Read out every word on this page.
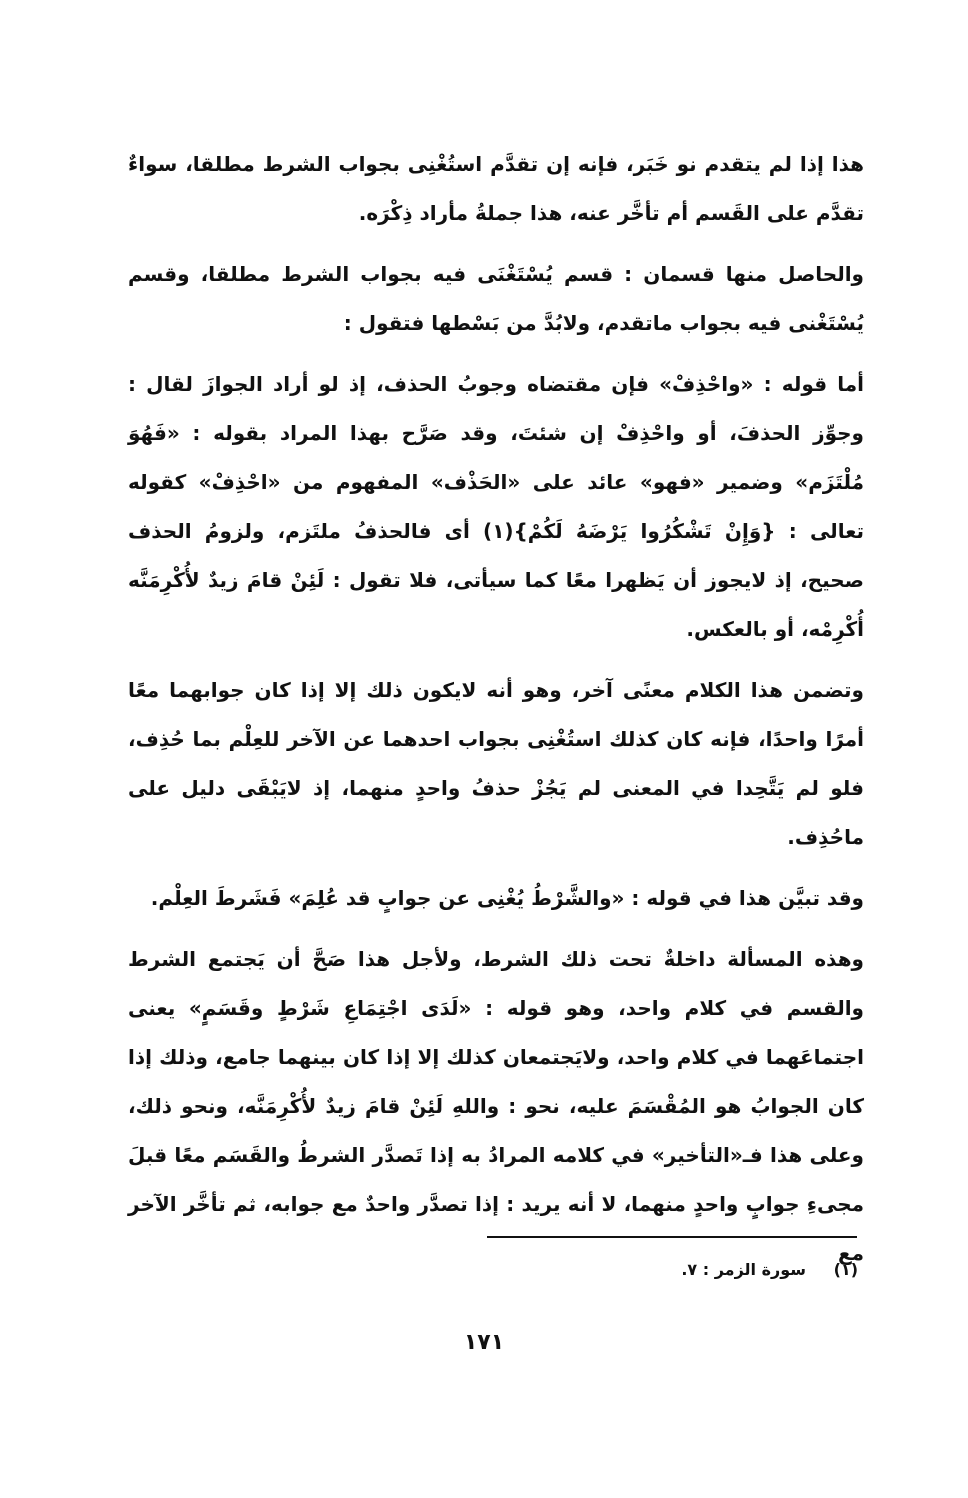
هذا إذا لم يتقدم نو خَبَر، فإنه إن تقدَّم استُغْنِى بجواب الشرط مطلقا، سواءٌ تقدَّم على القَسم أم تأخَّر عنه، هذا جملةُ مأراد ذِكْرَه.

والحاصل منها قسمان : قسم يُسْتَغْنَى فيه بجواب الشرط مطلقا، وقسم يُسْتَغْنى فيه بجواب ماتقدم، ولابُدَّ من بَسْطها فتقول :

أما قوله : «واحْذِفْ» فإن مقتضاه وجوبُ الحذف، إذ لو أراد الجوازَ لقال : وجوِّز الحذفَ، أو واحْذِفْ إن شئتَ، وقد صَرَّح بهذا المراد بقوله : «فَهُوَ مُلْتَزَم» وضمير «فهو» عائد على «الحَذْف» المفهوم من «احْذِفْ» كقوله تعالى : {وَإِنْ تَشْكُرُوا يَرْضَهُ لَكُمْ}(١) أى فالحذفُ ملتَزم، ولزومُ الحذف صحيح، إذ لايجوز أن يَظهرا معًا كما سيأتى، فلا تقول : لَئِنْ قامَ زيدٌ لأُكْرِمَنَّه أُكْرِمْه، أو بالعكس.

وتضمن هذا الكلام معنًى آخر، وهو أنه لايكون ذلك إلا إذا كان جوابهما معًا أمرًا واحدًا، فإنه كان كذلك استُغْنِى بجواب احدهما عن الآخر للعِلْم بما حُذِف، فلو لم يَتَّحِدا في المعنى لم يَجُزْ حذفُ واحدٍ منهما، إذ لايَبْقَى دليل على ماحُذِف.

وقد تبيَّن هذا في قوله : «والشَّرْطُ يُغْنِى عن جوابٍ قد عُلِمَ» فَشَرطَ العِلْم.

وهذه المسألة داخلةٌ تحت ذلك الشرط، ولأجل هذا صَحَّ أن يَجتمع الشرط والقسم في كلام واحد، وهو قوله : «لَدَى اجْتِمَاعِ شَرْطٍ وقَسَمٍ» يعنى اجتماعَهما في كلام واحد، ولايَجتمعان كذلك إلا إذا كان بينهما جامع، وذلك إذا كان الجوابُ هو المُقْسَمَ عليه، نحو : واللهِ لَئِنْ قامَ زيدٌ لأُكْرِمَنَّه، ونحو ذلك، وعلى هذا فـ«التأخير» في كلامه المرادُ به إذا تَصدَّر الشرطُ والقَسَم معًا قبلَ مجىءِ جوابٍ واحدٍ منهما، لا أنه يريد : إذا تصدَّر واحدٌ مع جوابه، ثم تأخَّر الآخر مع

(١) سورة الزمر : ٧.
١٧١
